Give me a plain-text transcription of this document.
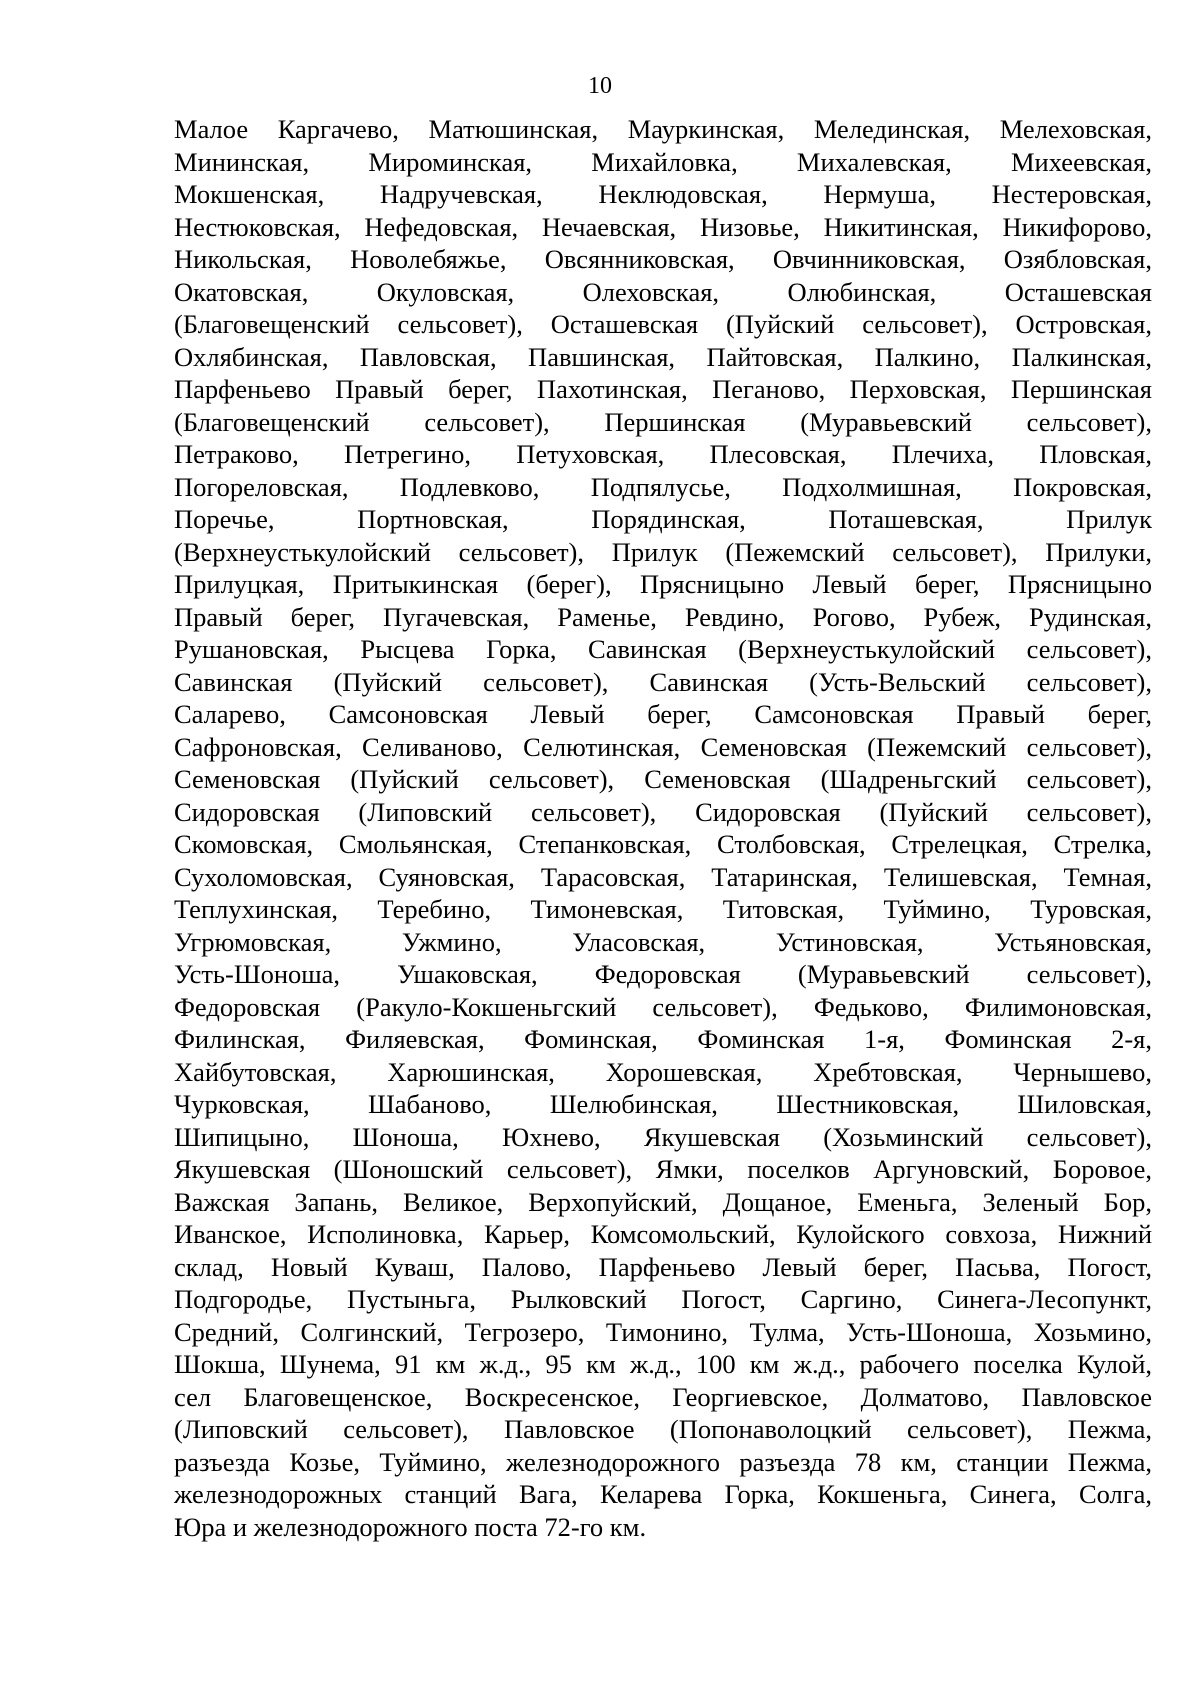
10
Малое Каргачево, Матюшинская, Мауркинская, Мелединская, Мелеховская,
Мининская, Мироминская, Михайловка, Михалевская, Михеевская,
Мокшенская, Надручевская, Неклюдовская, Нермуша, Нестеровская,
Нестюковская, Нефедовская, Нечаевская, Низовье, Никитинская, Никифорово,
Никольская, Новолебяжье, Овсянниковская, Овчинниковская, Озябловская,
Окатовская, Окуловская, Олеховская, Олюбинская, Осташевская
(Благовещенский сельсовет), Осташевская (Пуйский сельсовет), Островская,
Охлябинская, Павловская, Павшинская, Пайтовская, Палкино, Палкинская,
Парфеньево Правый берег, Пахотинская, Пеганово, Перховская, Першинская
(Благовещенский сельсовет), Першинская (Муравьевский сельсовет),
Петраково, Петрегино, Петуховская, Плесовская, Плечиха, Пловская,
Погореловская, Подлевково, Подпялусье, Подхолмишная, Покровская,
Поречье, Портновская, Порядинская, Поташевская, Прилук
(Верхнеустькулойский сельсовет), Прилук (Пежемский сельсовет), Прилуки,
Прилуцкая, Притыкинская (берег), Прясницыно Левый берег, Прясницыно
Правый берег, Пугачевская, Раменье, Ревдино, Рогово, Рубеж, Рудинская,
Рушановская, Рысцева Горка, Савинская (Верхнеустькулойский сельсовет),
Савинская (Пуйский сельсовет), Савинская (Усть-Вельский сельсовет),
Саларево, Самсоновская Левый берег, Самсоновская Правый берег,
Сафроновская, Селиваново, Селютинская, Семеновская (Пежемский сельсовет),
Семеновская (Пуйский сельсовет), Семеновская (Шадреньгский сельсовет),
Сидоровская (Липовский сельсовет), Сидоровская (Пуйский сельсовет),
Скомовская, Смольянская, Степанковская, Столбовская, Стрелецкая, Стрелка,
Сухоломовская, Суяновская, Тарасовская, Татаринская, Телишевская, Темная,
Теплухинская, Теребино, Тимоневская, Титовская, Туймино, Туровская,
Угрюмовская, Ужмино, Уласовская, Устиновская, Устьяновская,
Усть-Шоноша, Ушаковская, Федоровская (Муравьевский сельсовет),
Федоровская (Ракуло-Кокшеньгский сельсовет), Федьково, Филимоновская,
Филинская, Филяевская, Фоминская, Фоминская 1-я, Фоминская 2-я,
Хайбутовская, Харюшинская, Хорошевская, Хребтовская, Чернышево,
Чурковская, Шабаново, Шелюбинская, Шестниковская, Шиловская,
Шипицыно, Шоноша, Юхнево, Якушевская (Хозьминский сельсовет),
Якушевская (Шоношский сельсовет), Ямки, поселков Аргуновский, Боровое,
Важская Запань, Великое, Верхопуйский, Дощаное, Еменьга, Зеленый Бор,
Иванское, Исполиновка, Карьер, Комсомольский, Кулойского совхоза, Нижний
склад, Новый Куваш, Палово, Парфеньево Левый берег, Пасьва, Погост,
Подгородье, Пустыньга, Рылковский Погост, Саргино, Синега-Лесопункт,
Средний, Солгинский, Тегрозеро, Тимонино, Тулма, Усть-Шоноша, Хозьмино,
Шокша, Шунема, 91 км ж.д., 95 км ж.д., 100 км ж.д., рабочего поселка Кулой,
сел Благовещенское, Воскресенское, Георгиевское, Долматово, Павловское
(Липовский сельсовет), Павловское (Попонаволоцкий сельсовет), Пежма,
разъезда Козье, Туймино, железнодорожного разъезда 78 км, станции Пежма,
железнодорожных станций Вага, Келарева Горка, Кокшеньга, Синега, Солга,
Юра и железнодорожного поста 72-го км.
